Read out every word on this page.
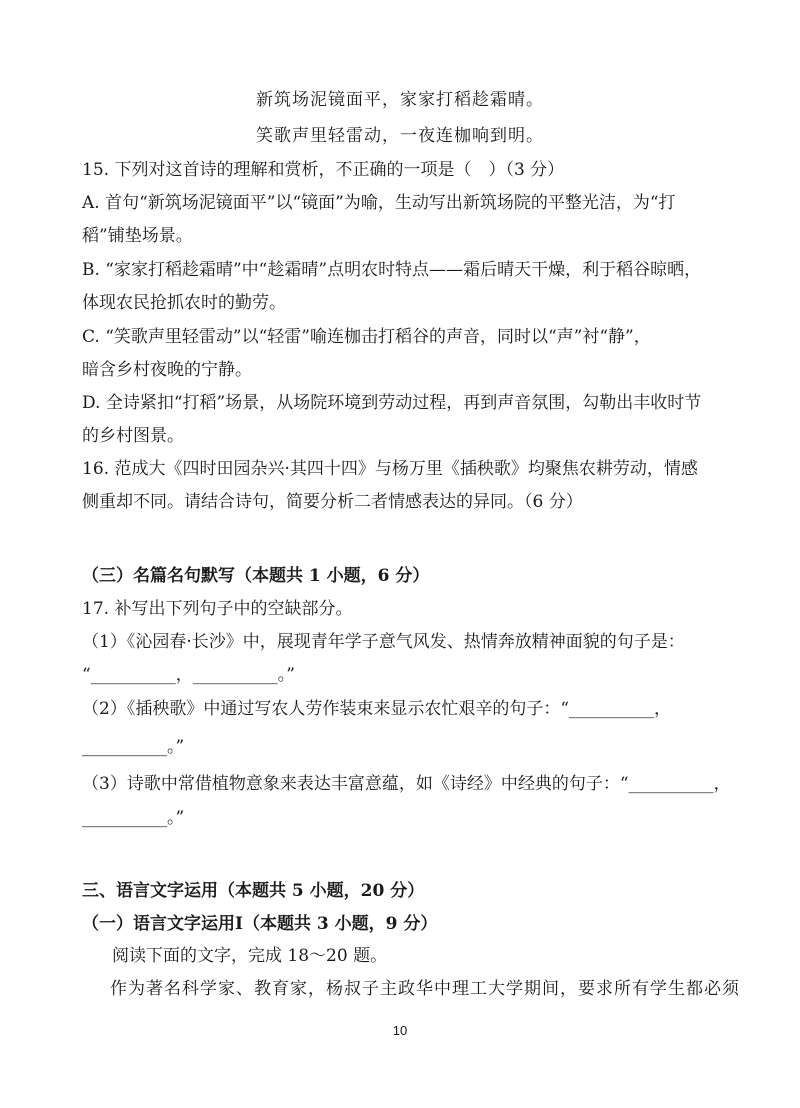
新筑场泥镜面平，家家打稻趁霜晴。
笑歌声里轻雷动，一夜连枷响到明。
15. 下列对这首诗的理解和赏析，不正确的一项是（　）（3 分）
A. 首句“新筑场泥镜面平”以“镜面”为喻，生动写出新筑场院的平整光洁，为“打
稻”铺垫场景。
B. “家家打稻趁霜晴”中“趁霜晴”点明农时特点——霜后晴天干燥，利于稻谷晾晒，
体现农民抢抓农时的勤劳。
C. “笑歌声里轻雷动”以“轻雷”喻连枷击打稻谷的声音，同时以“声”衬“静”，
暗含乡村夜晚的宁静。
D. 全诗紧扣“打稻”场景，从场院环境到劳动过程，再到声音氛围，勾勒出丰收时节
的乡村图景。
16. 范成大《四时田园杂兴·其四十四》与杨万里《插秧歌》均聚焦农耕劳动，情感
侧重却不同。请结合诗句，简要分析二者情感表达的异同。（6 分）
（三）名篇名句默写（本题共 1 小题，6 分）
17. 补写出下列句子中的空缺部分。
（1）《沁园春·长沙》中，展现青年学子意气风发、热情奔放精神面貌的句子是：
“__________，__________。”
（2）《插秧歌》中通过写农人劳作装束来显示农忙艰辛的句子：“__________，
__________。”
（3）诗歌中常借植物意象来表达丰富意蕴，如《诗经》中经典的句子：“__________，
__________。”
三、语言文字运用（本题共 5 小题，20 分）
（一）语言文字运用Ⅰ（本题共 3 小题，9 分）
阅读下面的文字，完成 18～20 题。
作为著名科学家、教育家，杨叔子主政华中理工大学期间，要求所有学生都必须
10
